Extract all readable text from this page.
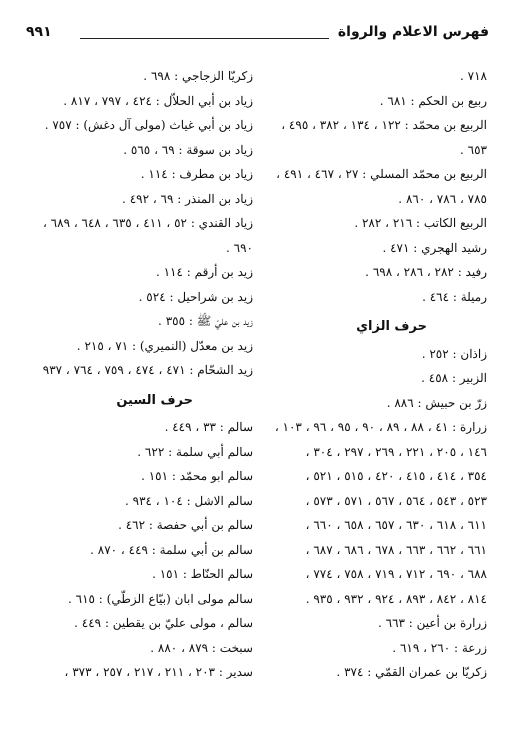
فهرس الاعلام والرواة
٩٩١
٧١٨ .
ربيع بن الحكم : ٦٨١ .
الربيع بن محمّد : ١٢٢ ، ١٣٤ ، ٣٨٢ ، ٤٩٥ ،
٦٥٣ .
الربيع بن محمّد المسلي : ٢٧ ، ٤٦٧ ، ٤٩١ ،
٧٨٥ ، ٧٨٦ ، ٨٦٠ .
الربيع الكاتب : ٢١٦ ، ٢٨٢ .
رشيد الهجري : ٤٧١ .
رفيد : ٢٨٢ ، ٢٨٦ ، ٦٩٨ .
رميلة : ٤٦٤ .
حرف الزاي
زاذان : ٢٥٢ .
الزبير : ٤٥٨ .
زرّ بن حبيش : ٨٨٦ .
زرارة : ٤١ ، ٨٨ ، ٨٩ ، ٩٠ ، ٩٥ ، ٩٦ ، ١٠٣ ،
١٤٦ ، ٢٠٥ ، ٢٢١ ، ٢٦٩ ، ٢٩٧ ، ٣٠٤ ،
٣٥٤ ، ٤١٤ ، ٤١٥ ، ٤٢٠ ، ٥١٥ ، ٥٢١ ،
٥٢٣ ، ٥٤٣ ، ٥٦٤ ، ٥٦٧ ، ٥٧١ ، ٥٧٣ ،
٦١١ ، ٦١٨ ، ٦٣٠ ، ٦٥٧ ، ٦٥٨ ، ٦٦٠ ،
٦٦١ ، ٦٦٢ ، ٦٦٣ ، ٦٧٨ ، ٦٨٦ ، ٦٨٧ ،
٦٨٨ ، ٦٩٠ ، ٧١٢ ، ٧١٩ ، ٧٥٨ ، ٧٧٤ ،
٨١٤ ، ٨٤٢ ، ٨٩٣ ، ٩٢٤ ، ٩٣٢ ، ٩٣٥ .
زرارة بن أعين : ٦٦٣ .
زرعة : ٢٦٠ ، ٦١٩ .
زكريّا بن عمران القمّي : ٣٧٤ .
زكريّا الزجاجي : ٦٩٨ .
زياد بن أبي الحلاّل : ٤٢٤ ، ٧٩٧ ، ٨١٧ .
زياد بن أبي غياث (مولى آل دغش) : ٧٥٧ .
زياد بن سوقة : ٦٩ ، ٥٦٥ .
زياد بن مطرف : ١١٤ .
زياد بن المنذر : ٦٩ ، ٤٩٢ .
زياد القندي : ٥٢ ، ٤١١ ، ٦٣٥ ، ٦٤٨ ، ٦٨٩ ،
٦٩٠ .
زيد بن أرقم : ١١٤ .
زيد بن شراحيل : ٥٢٤ .
زيد بن عليّ ﷺ : ٣٥٥ .
زيد بن معدّل (النميري) : ٧١ ، ٢١٥ .
زيد الشحّام : ٤٧١ ، ٤٧٤ ، ٧٥٩ ، ٧٦٤ ، ٩٣٧
حرف السين
سالم : ٣٣ ، ٤٤٩ .
سالم أبي سلمة : ٦٢٢ .
سالم ابو محمّد : ١٥١ .
سالم الاشل : ١٠٤ ، ٩٣٤ .
سالم بن أبي حفصة : ٤٦٢ .
سالم بن أبي سلمة : ٤٤٩ ، ٨٧٠ .
سالم الحنّاط : ١٥١ .
سالم مولى ابان (بيّاع الزطّي) : ٦١٥ .
سالم ، مولى عليّ بن يقطين : ٤٤٩ .
سبخت : ٨٧٩ ، ٨٨٠ .
سدير : ٢٠٣ ، ٢١١ ، ٢١٧ ، ٢٥٧ ، ٣٧٣ ،
